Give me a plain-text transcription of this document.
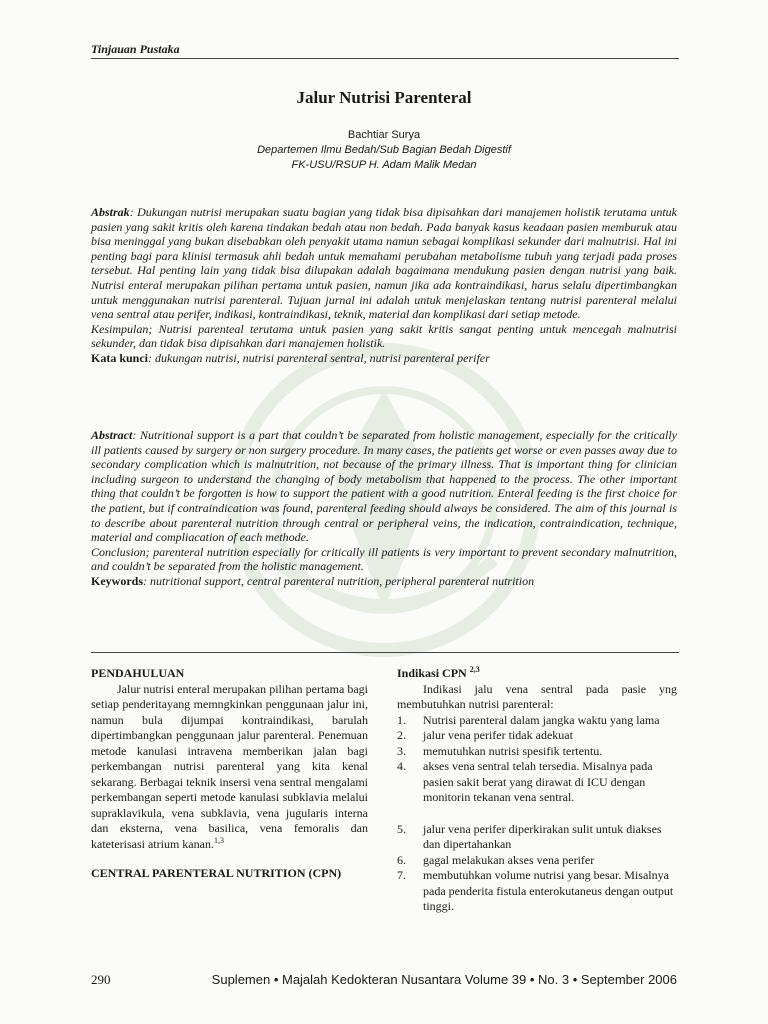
Tinjauan Pustaka
Jalur Nutrisi Parenteral
Bachtiar Surya
Departemen Ilmu Bedah/Sub Bagian Bedah Digestif
FK-USU/RSUP H. Adam Malik Medan

Abstrak: Dukungan nutrisi merupakan suatu bagian yang tidak bisa dipisahkan dari manajemen holistik terutama untuk pasien yang sakit kritis oleh karena tindakan bedah atau non bedah. Pada banyak kasus keadaan pasien memburuk atau bisa meninggal yang bukan disebabkan oleh penyakit utama namun sebagai komplikasi sekunder dari malnutrisi. Hal ini penting bagi para klinisi termasuk ahli bedah untuk memahami perubahan metabolisme tubuh yang terjadi pada proses tersebut. Hal penting lain yang tidak bisa dilupakan adalah bagaimana mendukung pasien dengan nutrisi yang baik. Nutrisi enteral merupakan pilihan pertama untuk pasien, namun jika ada kontraindikasi, harus selalu dipertimbangkan untuk menggunakan nutrisi parenteral. Tujuan jurnal ini adalah untuk menjelaskan tentang nutrisi parenteral melalui vena sentral atau perifer, indikasi, kontraindikasi, teknik, material dan komplikasi dari setiap metode.

Kesimpulan; Nutrisi parenteal terutama untuk pasien yang sakit kritis sangat penting untuk mencegah malnutrisi sekunder, dan tidak bisa dipisahkan dari manajemen holistik.

Kata kunci: dukungan nutrisi, nutrisi parenteral sentral, nutrisi parenteral perifer

Abstract: Nutritional support is a part that couldn’t be separated from holistic management, especially for the critically ill patients caused by surgery or non surgery procedure. In many cases, the patients get worse or even passes away due to secondary complication which is malnutrition, not because of the primary illness. That is important thing for clinician including surgeon to understand the changing of body metabolism that happened to the process. The other important thing that couldn’t be forgotten is how to support the patient with a good nutrition. Enteral feeding is the first choice for the patient, but if contraindication was found, parenteral feeding should always be considered. The aim of this journal is to describe about parenteral nutrition through central or peripheral veins, the indication, contraindication, technique, material and compliacation of each methode.

Conclusion; parenteral nutrition especially for critically ill patients is very important to prevent secondary malnutrition, and couldn’t be separated from the holistic management.

Keywords: nutritional support, central parenteral nutrition, peripheral parenteral nutrition

PENDAHULUAN

Jalur nutrisi enteral merupakan pilihan pertama bagi setiap penderitayang memngkinkan penggunaan jalur ini, namun bula dijumpai kontraindikasi, barulah dipertimbangkan penggunaan jalur parenteral. Penemuan metode kanulasi intravena memberikan jalan bagi perkembangan nutrisi parenteral yang kita kenal sekarang. Berbagai teknik insersi vena sentral mengalami perkembangan seperti metode kanulasi subklavia melalui supraklavikula, vena subklavia, vena jugularis interna dan eksterna, vena basilica, vena femoralis dan kateterisasi atrium kanan.$^{1,3}$

CENTRAL PARENTERAL NUTRITION (CPN)

Indikasi CPN $^{2,3}$

Indikasi jalu vena sentral pada pasie yng membutuhkan nutrisi parenteral:

1. Nutrisi parenteral dalam jangka waktu yang lama
2. jalur vena perifer tidak adekuat
3. memutuhkan nutrisi spesifik tertentu.
4. akses vena sentral telah tersedia. Misalnya pada pasien sakit berat yang dirawat di ICU dengan monitorin tekanan vena sentral.
5. jalur vena perifer diperkirakan sulit untuk diakses dan dipertahankan
6. gagal melakukan akses vena perifer
7. membutuhkan volume nutrisi yang besar. Misalnya pada penderita fistula enterokutaneus dengan output tinggi.
290	Suplemen • Majalah Kedokteran Nusantara Volume 39 • No. 3 • September 2006
